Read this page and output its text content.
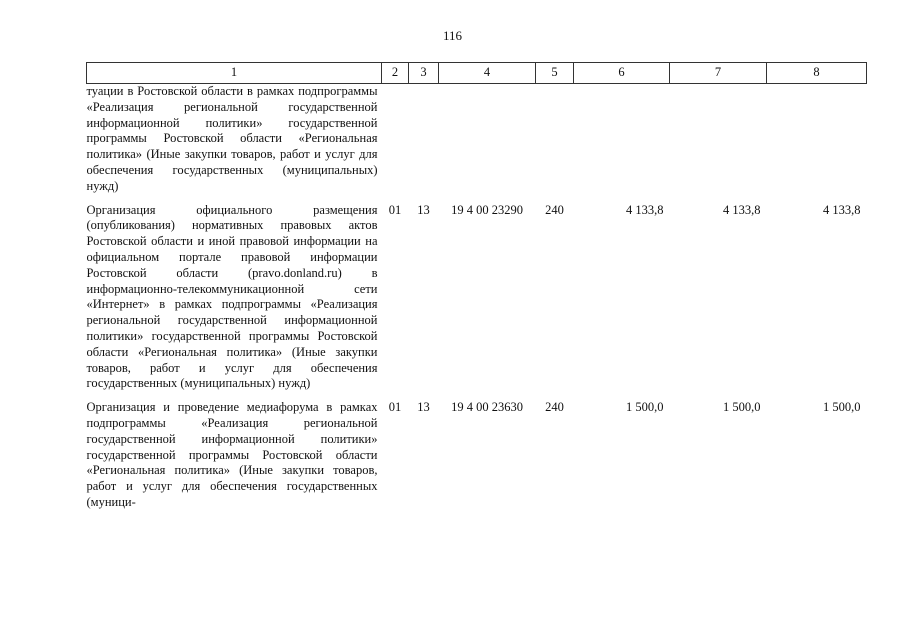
116
1	2	3	4	5	6	7	8
туации в Ростовской области в рамках подпрограммы «Реализация региональной государственной информационной политики» государственной программы Ростовской области «Региональная политика» (Иные закупки товаров, работ и услуг для обеспечения государственных (муниципальных) нужд)							
Организация официального размещения (опубликования) нормативных правовых актов Ростовской области и иной правовой информации на официальном портале правовой информации Ростовской области (pravo.donland.ru) в информационно-телекоммуникационной сети «Интернет» в рамках подпрограммы «Реализация региональной государственной информационной политики» государственной программы Ростовской области «Региональная политика» (Иные закупки товаров, работ и услуг для обеспечения государственных (муниципальных) нужд)	01	13	19 4 00 23290	240	4 133,8	4 133,8	4 133,8
Организация и проведение медиафорума в рамках подпрограммы «Реализация региональной государственной информационной политики» государственной программы Ростовской области «Региональная политика» (Иные закупки товаров, работ и услуг для обеспечения государственных (муници-	01	13	19 4 00 23630	240	1 500,0	1 500,0	1 500,0
